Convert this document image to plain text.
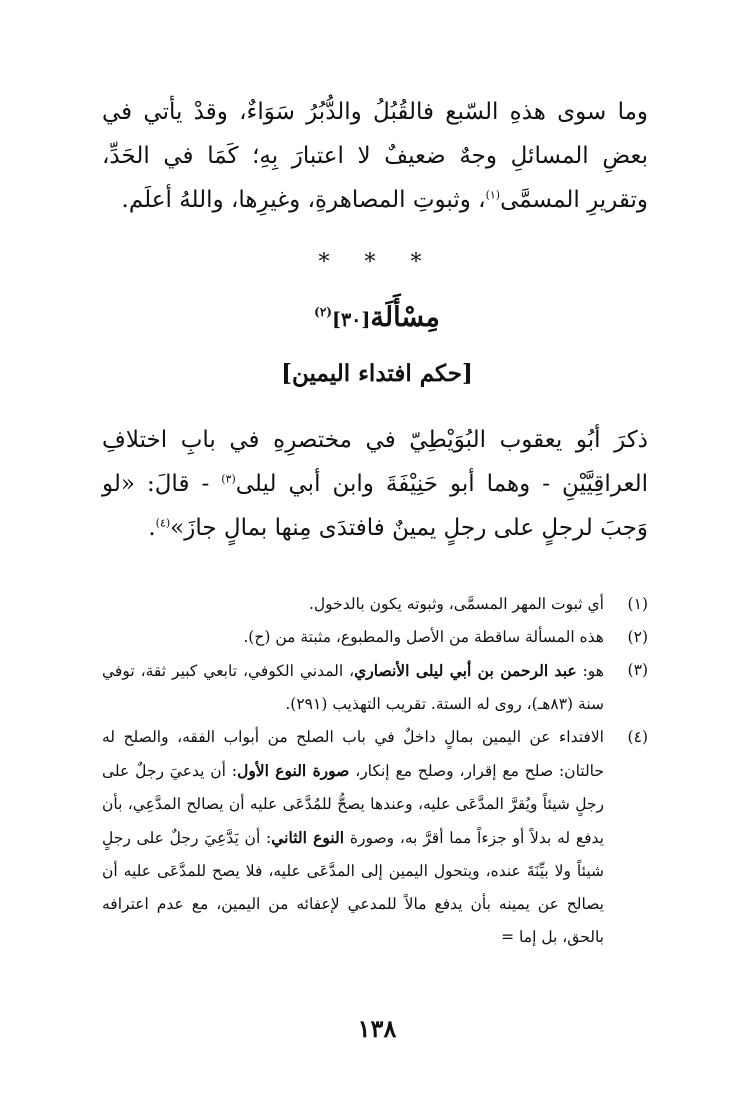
وما سوى هذهِ السّبع فالقُبُلُ والدُّبُرُ سَوَاءٌ، وقدْ يأتي في بعضِ المسائلِ وجهٌ ضعيفٌ لا اعتبارَ بِهِ؛ كَمَا في الحَدِّ، وتقريرِ المسمَّى$^{(١)}$، وثبوتِ المصاهرةِ، وغيرِها، واللهُ أعلَم.

* * *
مِسْأَلَة[٣٠]$^{(٢)}$
[حكم افتداء اليمين]

ذكرَ أبُو يعقوب البُوَيْطِيّ في مختصرِهِ في بابِ اختلافِ العراقِيَّيْنِ - وهما أبو حَنِيْفَةَ وابن أبي ليلى$^{(٣)}$ - قالَ: «لو وَجبَ لرجلٍ على رجلٍ يمينٌ فافتدَى مِنها بمالٍ جازَ»$^{(٤)}$.

(١)
أي ثبوت المهر المسمَّى، وثبوته يكون بالدخول.
(٢)
هذه المسألة ساقطة من الأصل والمطبوع، مثبتة من (ح).
(٣)
هو: عبد الرحمن بن أبي ليلى الأنصاري، المدني الكوفي، تابعي كبير ثقة، توفي سنة (٨٣هـ)، روى له الستة. تقريب التهذيب (٢٩١).
(٤)
الافتداء عن اليمين بمالٍ داخلٌ في باب الصلح من أبواب الفقه، والصلح له حالتان: صلح مع إقرار، وصلح مع إنكار، صورة النوع الأول: أن يدعيَ رجلٌ على رجلٍ شيئاً ويُقرَّ المدَّعَى عليه، وعندها يصحُّ للمُدَّعَى عليه أن يصالح المدَّعِي، بأن يدفع له بدلاً أو جزءاً مما أقرَّ به، وصورة النوع الثاني: أن يَدَّعِيَ رجلٌ على رجلٍ شيئاً ولا بيِّنَةَ عنده، ويتحول اليمين إلى المدَّعَى عليه، فلا يصح للمدَّعَى عليه أن يصالح عن يمينه بأن يدفع مالاً للمدعي لإعفائه من اليمين، مع عدم اعترافه بالحق، بل إما =
١٣٨
